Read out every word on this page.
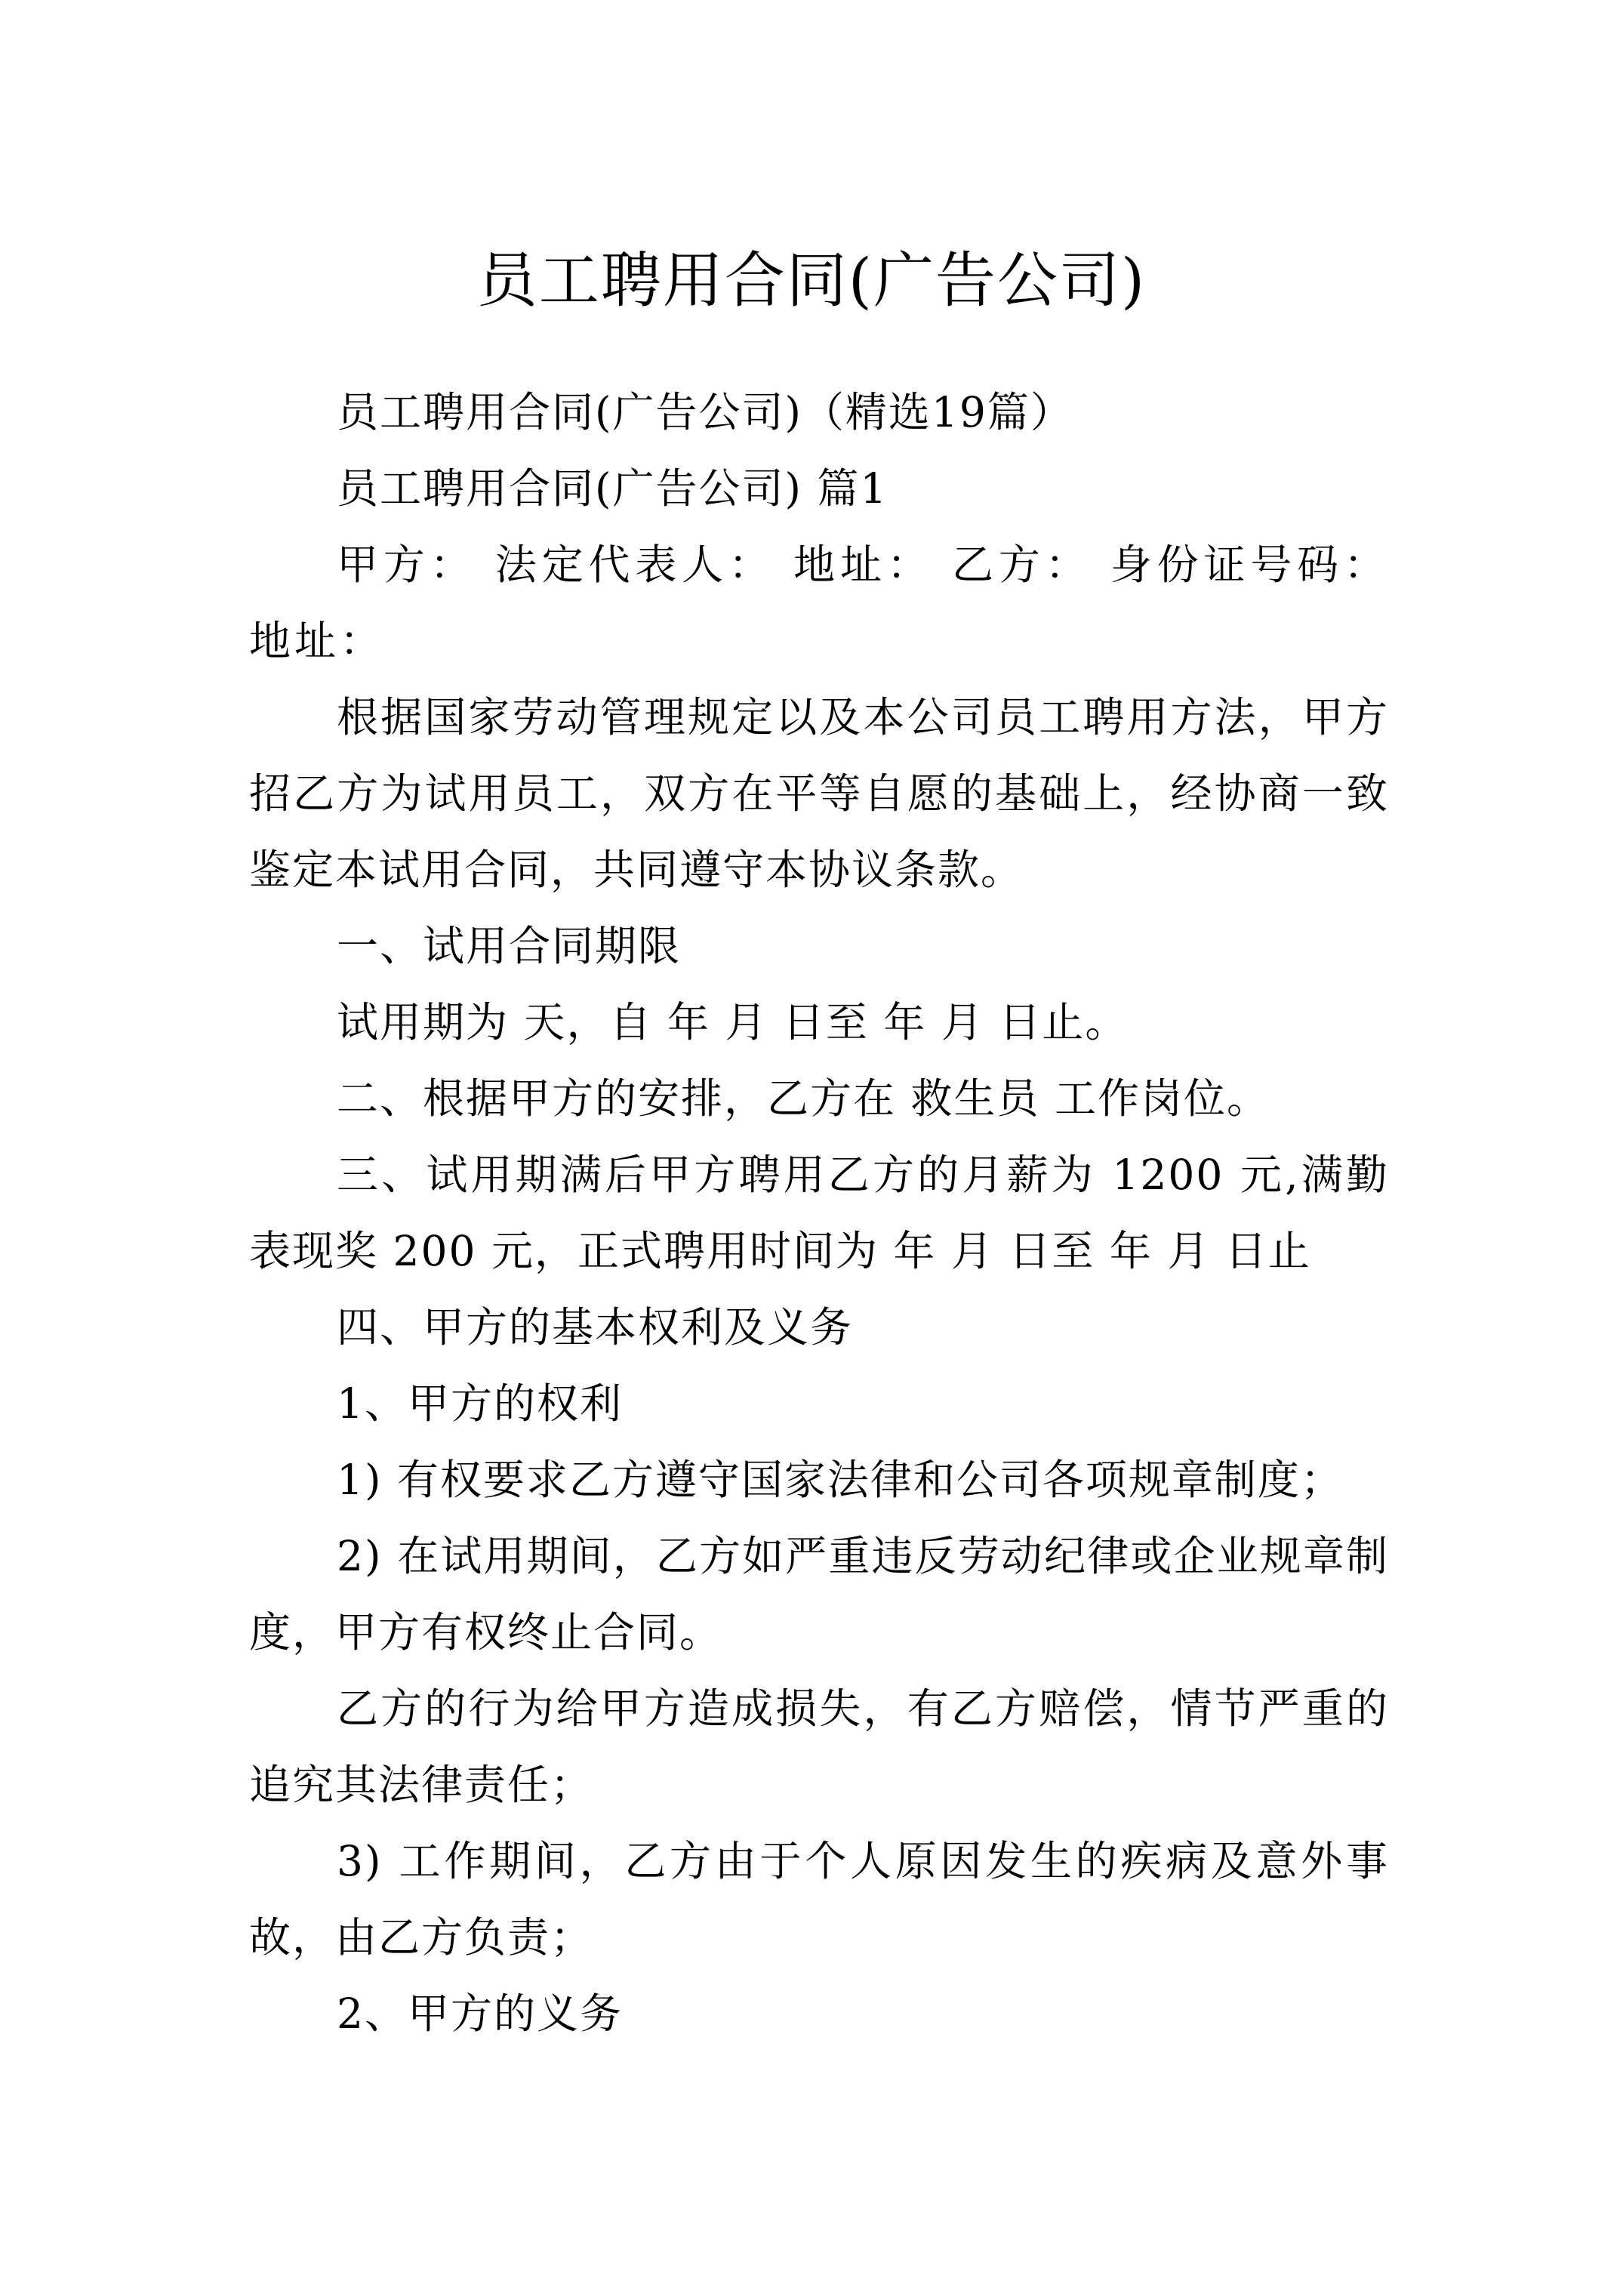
员工聘用合同(广告公司)

员工聘用合同(广告公司)（精选19篇）

员工聘用合同(广告公司) 篇1

甲方： 法定代表人： 地址： 乙方： 身份证号码： 地址：

根据国家劳动管理规定以及本公司员工聘用方法，甲方招乙方为试用员工，双方在平等自愿的基础上，经协商一致鉴定本试用合同，共同遵守本协议条款。

一、试用合同期限

试用期为 天，自 年 月 日至 年 月 日止。

二、根据甲方的安排，乙方在 救生员 工作岗位。

三、试用期满后甲方聘用乙方的月薪为 1200 元,满勤表现奖 200 元，正式聘用时间为 年 月 日至 年 月 日止

四、甲方的基本权利及义务

1、甲方的权利

1) 有权要求乙方遵守国家法律和公司各项规章制度；

2) 在试用期间，乙方如严重违反劳动纪律或企业规章制度，甲方有权终止合同。

乙方的行为给甲方造成损失，有乙方赔偿，情节严重的追究其法律责任；

3) 工作期间，乙方由于个人原因发生的疾病及意外事故，由乙方负责；

2、甲方的义务
